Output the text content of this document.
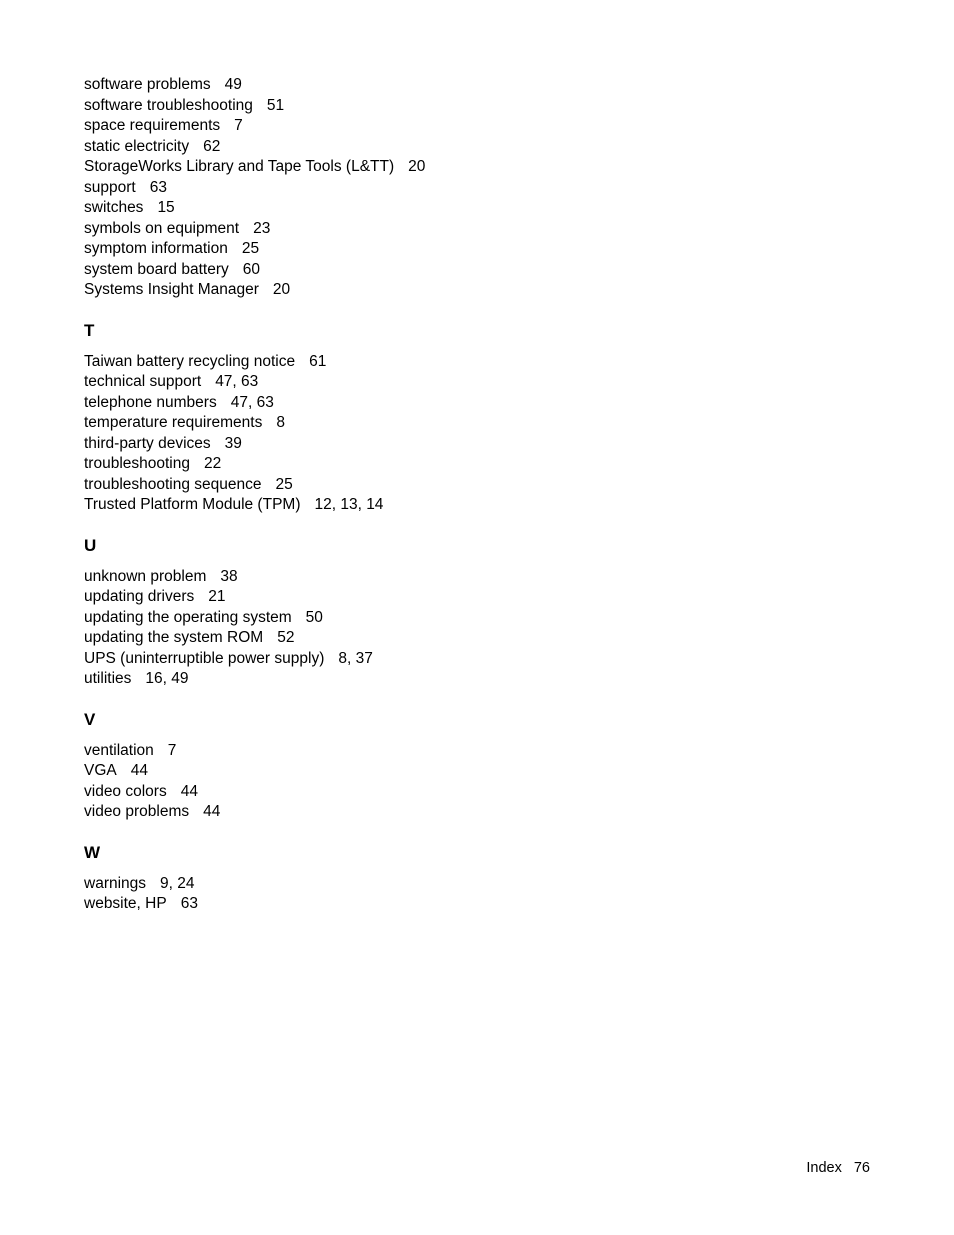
software problems 49
software troubleshooting 51
space requirements 7
static electricity 62
StorageWorks Library and Tape Tools (L&TT) 20
support 63
switches 15
symbols on equipment 23
symptom information 25
system board battery 60
Systems Insight Manager 20
T
Taiwan battery recycling notice 61
technical support 47, 63
telephone numbers 47, 63
temperature requirements 8
third-party devices 39
troubleshooting 22
troubleshooting sequence 25
Trusted Platform Module (TPM) 12, 13, 14
U
unknown problem 38
updating drivers 21
updating the operating system 50
updating the system ROM 52
UPS (uninterruptible power supply) 8, 37
utilities 16, 49
V
ventilation 7
VGA 44
video colors 44
video problems 44
W
warnings 9, 24
website, HP 63
Index 76
